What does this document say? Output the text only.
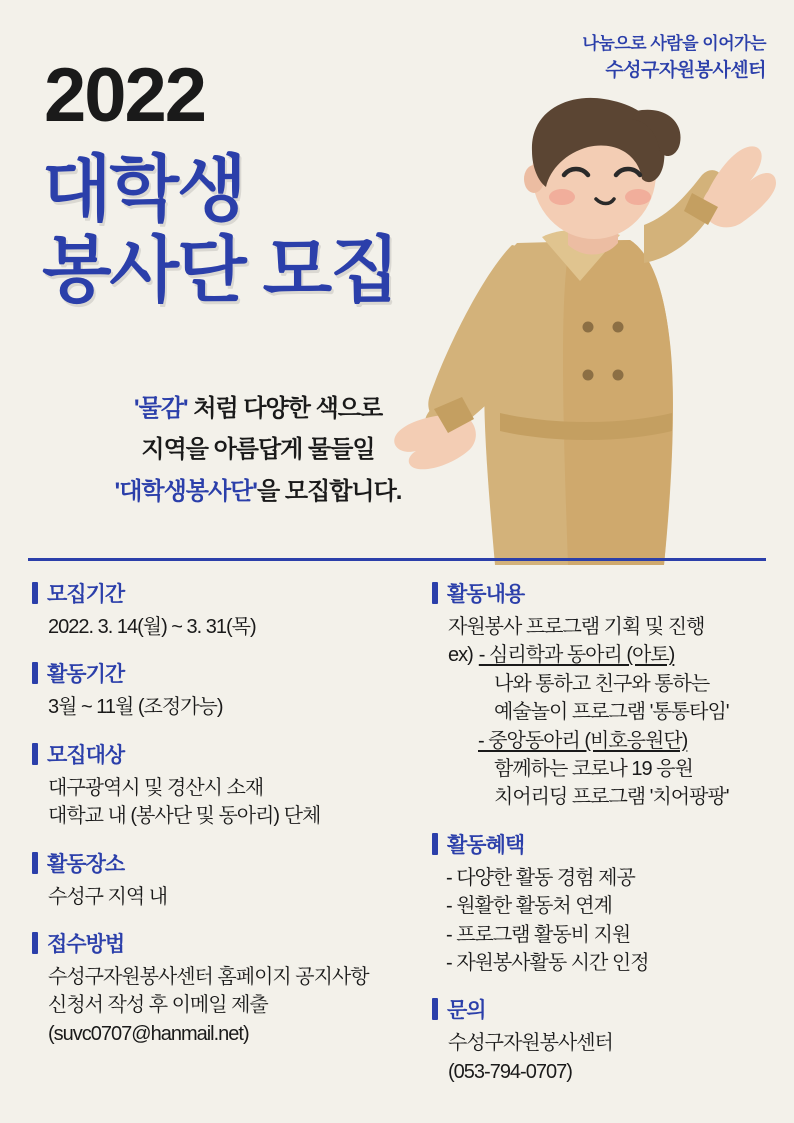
나눔으로 사람을 이어가는
수성구자원봉사센터
2022
대학생
봉사단 모집
'물감' 처럼 다양한 색으로
지역을 아름답게 물들일
'대학생봉사단'을 모집합니다.
모집기간
2022. 3. 14(월) ~ 3. 31(목)
활동기간
3월 ~ 11월 (조정가능)
모집대상
대구광역시 및 경산시 소재
대학교 내 (봉사단 및 동아리) 단체
활동장소
수성구 지역 내
접수방법
수성구자원봉사센터 홈페이지 공지사항
신청서 작성 후 이메일 제출
(suvc0707@hanmail.net)
활동내용
자원봉사 프로그램 기획 및 진행
ex) - 심리학과 동아리 (아토)
나와 통하고 친구와 통하는
예술놀이 프로그램 '통통타임'
- 중앙동아리 (비호응원단)
함께하는 코로나 19 응원
치어리딩 프로그램 '치어팡팡'
활동혜택
- 다양한 활동 경험 제공
- 원활한 활동처 연계
- 프로그램 활동비 지원
- 자원봉사활동 시간 인정
문의
수성구자원봉사센터
(053-794-0707)
